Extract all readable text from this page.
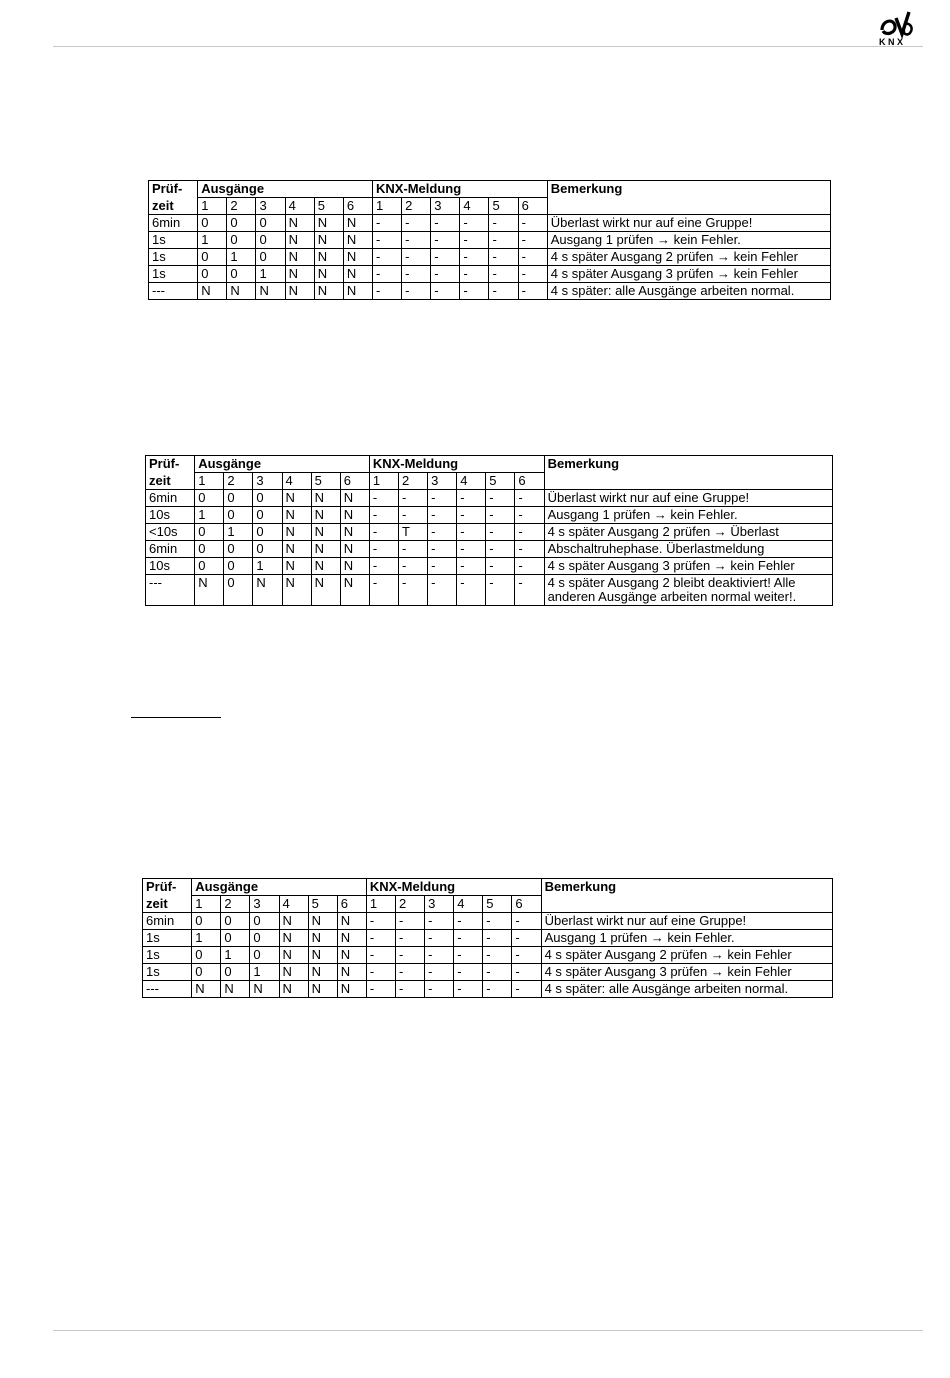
KNX
Prüf-	Ausgänge						KNX-Meldung						Bemerkung
zeit	1	2	3	4	5	6	1	2	3	4	5	6	
6min	0	0	0	N	N	N	-	-	-	-	-	-	Überlast wirkt nur auf eine Gruppe!
1s	1	0	0	N	N	N	-	-	-	-	-	-	Ausgang 1 prüfen → kein Fehler.
1s	0	1	0	N	N	N	-	-	-	-	-	-	4 s später Ausgang 2 prüfen → kein Fehler
1s	0	0	1	N	N	N	-	-	-	-	-	-	4 s später Ausgang 3 prüfen → kein Fehler
---	N	N	N	N	N	N	-	-	-	-	-	-	4 s später: alle Ausgänge arbeiten normal.
Prüf-	Ausgänge						KNX-Meldung						Bemerkung
zeit	1	2	3	4	5	6	1	2	3	4	5	6	
6min	0	0	0	N	N	N	-	-	-	-	-	-	Überlast wirkt nur auf eine Gruppe!
10s	1	0	0	N	N	N	-	-	-	-	-	-	Ausgang 1 prüfen → kein Fehler.
<10s	0	1	0	N	N	N	-	T	-	-	-	-	4 s später Ausgang 2 prüfen → Überlast
6min	0	0	0	N	N	N	-	-	-	-	-	-	Abschaltruhephase. Überlastmeldung
10s	0	0	1	N	N	N	-	-	-	-	-	-	4 s später Ausgang 3 prüfen → kein Fehler
---	N	0	N	N	N	N	-	-	-	-	-	-	4 s später Ausgang 2 bleibt deaktiviert! Alle anderen Ausgänge arbeiten normal weiter!.
Prüf-	Ausgänge						KNX-Meldung						Bemerkung
zeit	1	2	3	4	5	6	1	2	3	4	5	6	
6min	0	0	0	N	N	N	-	-	-	-	-	-	Überlast wirkt nur auf eine Gruppe!
1s	1	0	0	N	N	N	-	-	-	-	-	-	Ausgang 1 prüfen → kein Fehler.
1s	0	1	0	N	N	N	-	-	-	-	-	-	4 s später Ausgang 2 prüfen → kein Fehler
1s	0	0	1	N	N	N	-	-	-	-	-	-	4 s später Ausgang 3 prüfen → kein Fehler
---	N	N	N	N	N	N	-	-	-	-	-	-	4 s später: alle Ausgänge arbeiten normal.
